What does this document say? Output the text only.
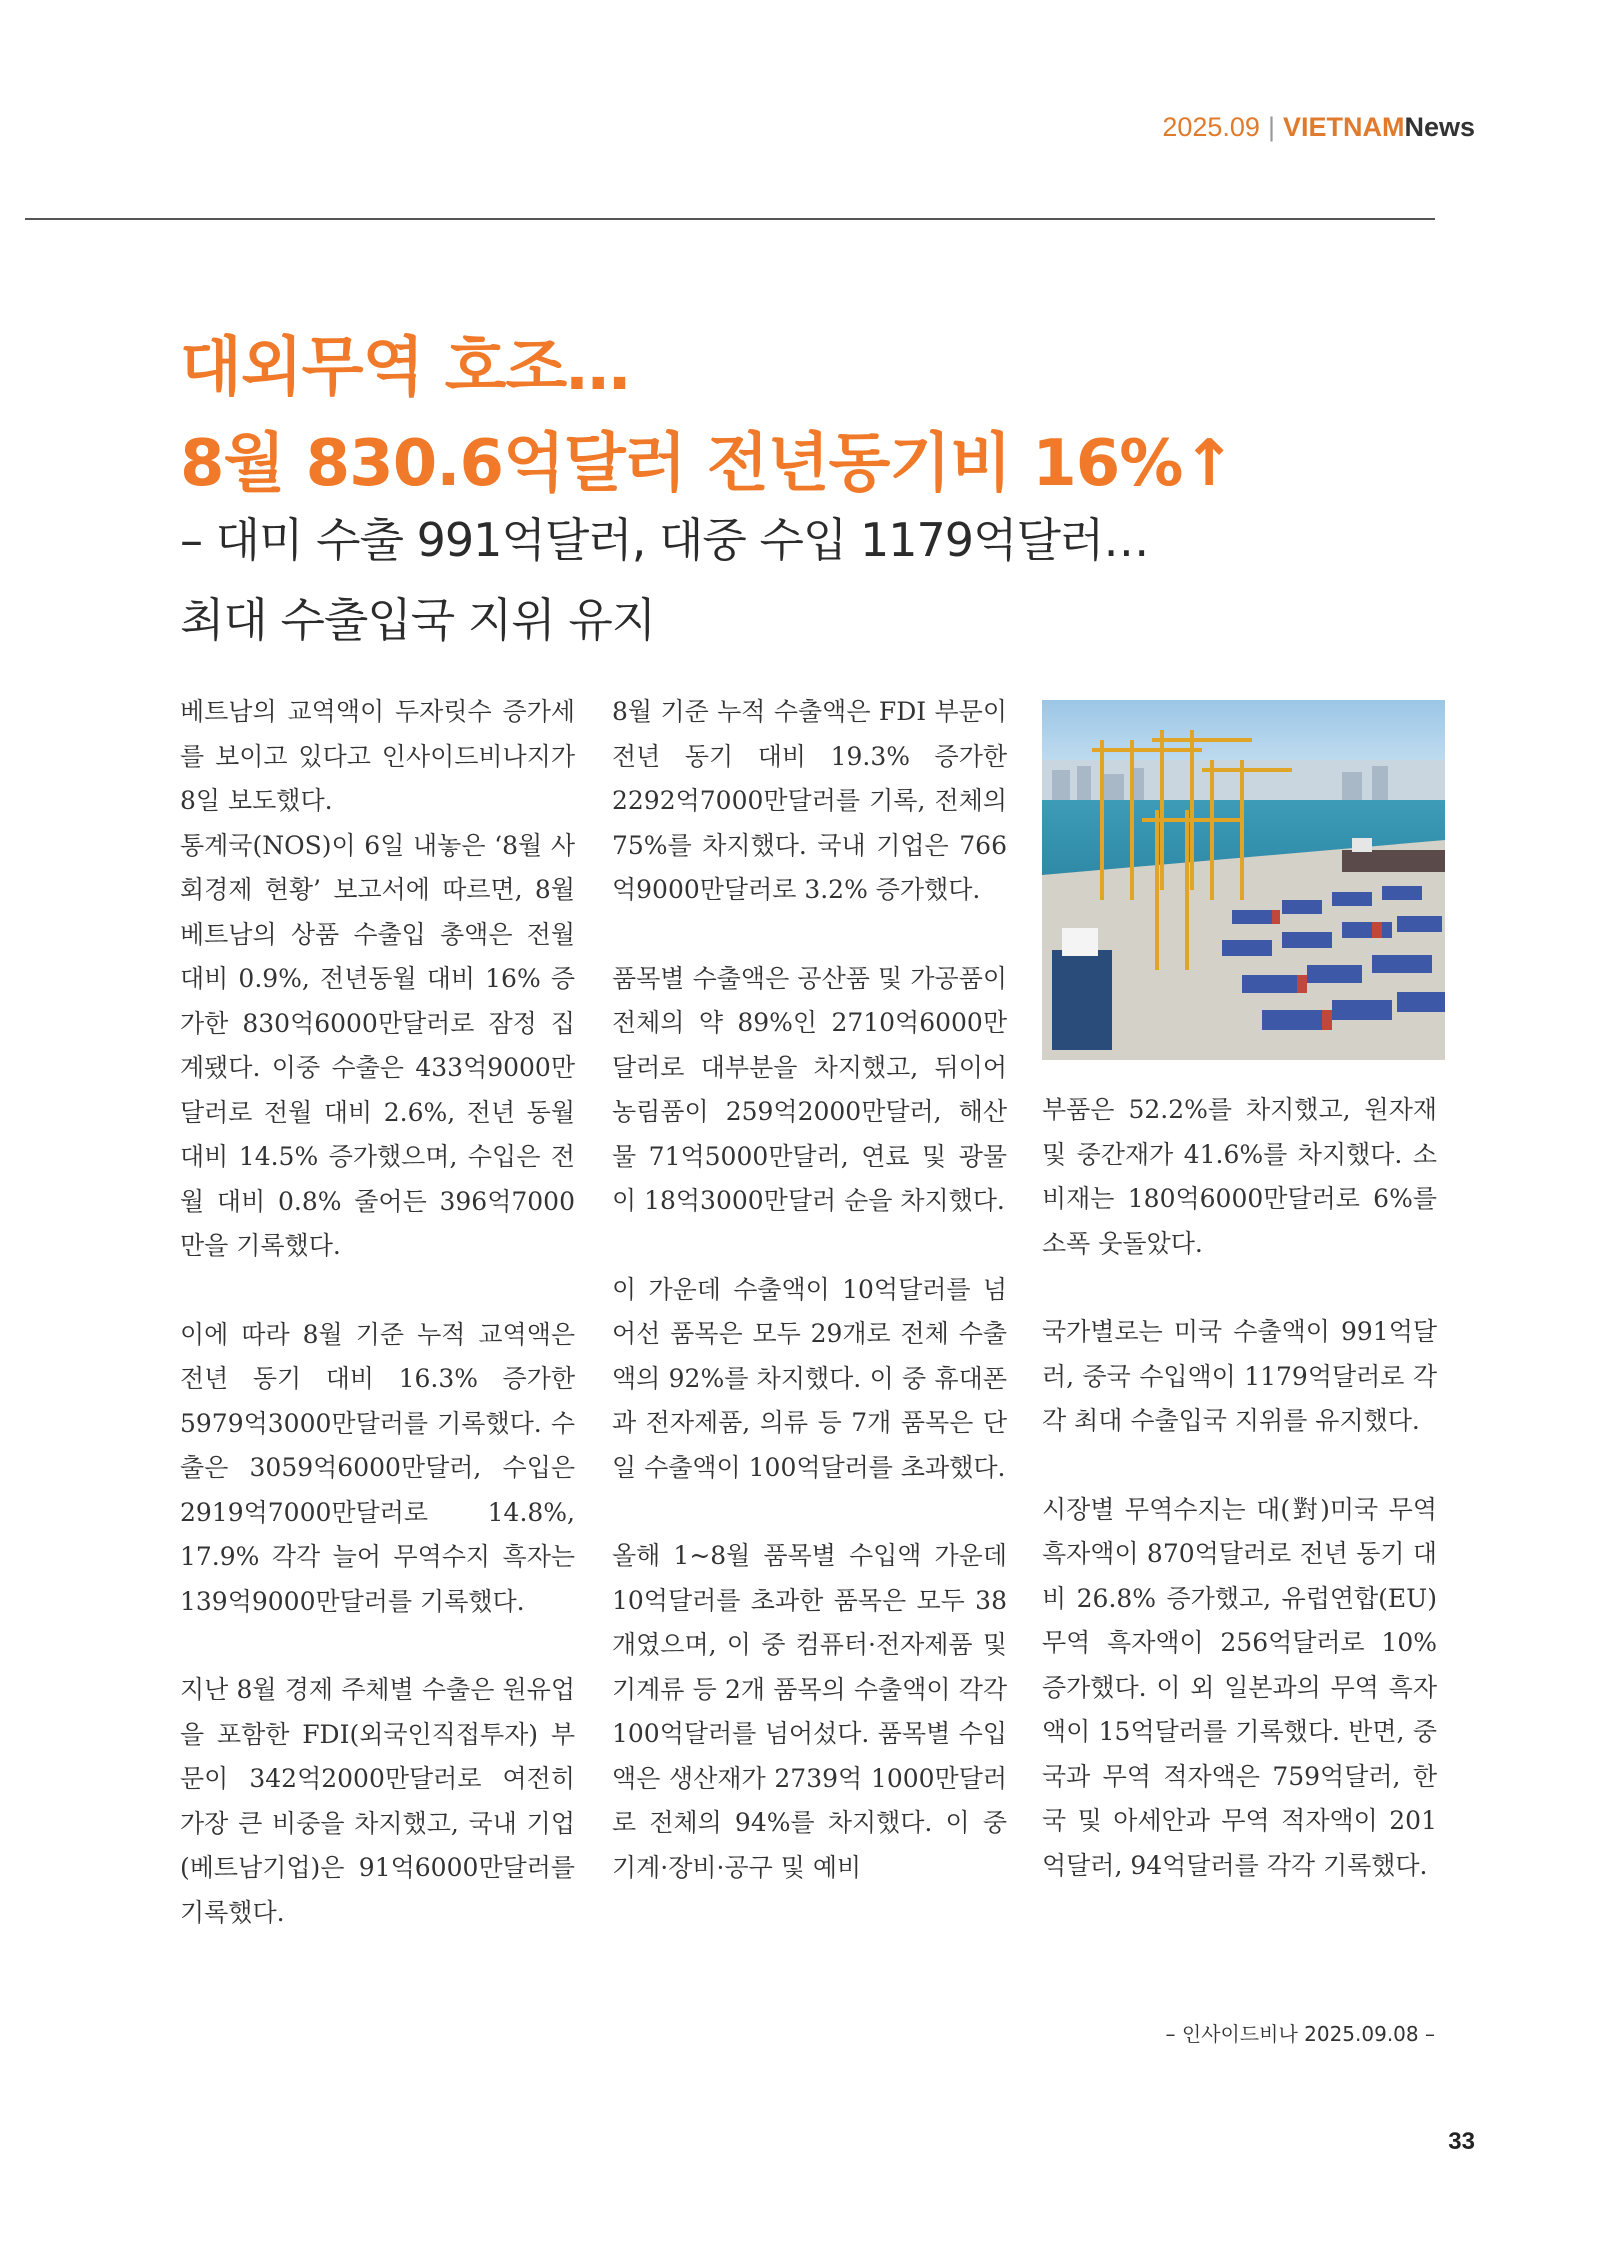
2025.09 | VIETNAMNews
대외무역 호조…
8월 830.6억달러 전년동기비 16%↑
– 대미 수출 991억달러, 대중 수입 1179억달러…
최대 수출입국 지위 유지

베트남의 교역액이 두자릿수 증가세를 보이고 있다고 인사이드비나지가 8일 보도했다.

통계국(NOS)이 6일 내놓은 ‘8월 사회경제 현황’ 보고서에 따르면, 8월 베트남의 상품 수출입 총액은 전월 대비 0.9%, 전년동월 대비 16% 증가한 830억6000만달러로 잠정 집계됐다. 이중 수출은 433억9000만달러로 전월 대비 2.6%, 전년 동월 대비 14.5% 증가했으며, 수입은 전월 대비 0.8% 줄어든 396억7000만을 기록했다.

이에 따라 8월 기준 누적 교역액은 전년 동기 대비 16.3% 증가한 5979억3000만달러를 기록했다. 수출은 3059억6000만달러, 수입은 2919억7000만달러로 14.8%, 17.9% 각각 늘어 무역수지 흑자는 139억9000만달러를 기록했다.

지난 8월 경제 주체별 수출은 원유업을 포함한 FDI(외국인직접투자) 부문이 342억2000만달러로 여전히 가장 큰 비중을 차지했고, 국내 기업(베트남기업)은 91억6000만달러를 기록했다.

8월 기준 누적 수출액은 FDI 부문이 전년 동기 대비 19.3% 증가한 2292억7000만달러를 기록, 전체의 75%를 차지했다. 국내 기업은 766억9000만달러로 3.2% 증가했다.

품목별 수출액은 공산품 및 가공품이 전체의 약 89%인 2710억6000만달러로 대부분을 차지했고, 뒤이어 농림품이 259억2000만달러, 해산물 71억5000만달러, 연료 및 광물이 18억3000만달러 순을 차지했다.

이 가운데 수출액이 10억달러를 넘어선 품목은 모두 29개로 전체 수출액의 92%를 차지했다. 이 중 휴대폰과 전자제품, 의류 등 7개 품목은 단일 수출액이 100억달러를 초과했다.

올해 1~8월 품목별 수입액 가운데 10억달러를 초과한 품목은 모두 38개였으며, 이 중 컴퓨터·전자제품 및 기계류 등 2개 품목의 수출액이 각각 100억달러를 넘어섰다. 품목별 수입액은 생산재가 2739억 1000만달러로 전체의 94%를 차지했다. 이 중 기계·장비·공구 및 예비

부품은 52.2%를 차지했고, 원자재 및 중간재가 41.6%를 차지했다. 소비재는 180억6000만달러로 6%를 소폭 웃돌았다.

국가별로는 미국 수출액이 991억달러, 중국 수입액이 1179억달러로 각각 최대 수출입국 지위를 유지했다.

시장별 무역수지는 대(對)미국 무역 흑자액이 870억달러로 전년 동기 대비 26.8% 증가했고, 유럽연합(EU) 무역 흑자액이 256억달러로 10% 증가했다. 이 외 일본과의 무역 흑자액이 15억달러를 기록했다. 반면, 중국과 무역 적자액은 759억달러, 한국 및 아세안과 무역 적자액이 201억달러, 94억달러를 각각 기록했다.

– 인사이드비나 2025.09.08 –
33
